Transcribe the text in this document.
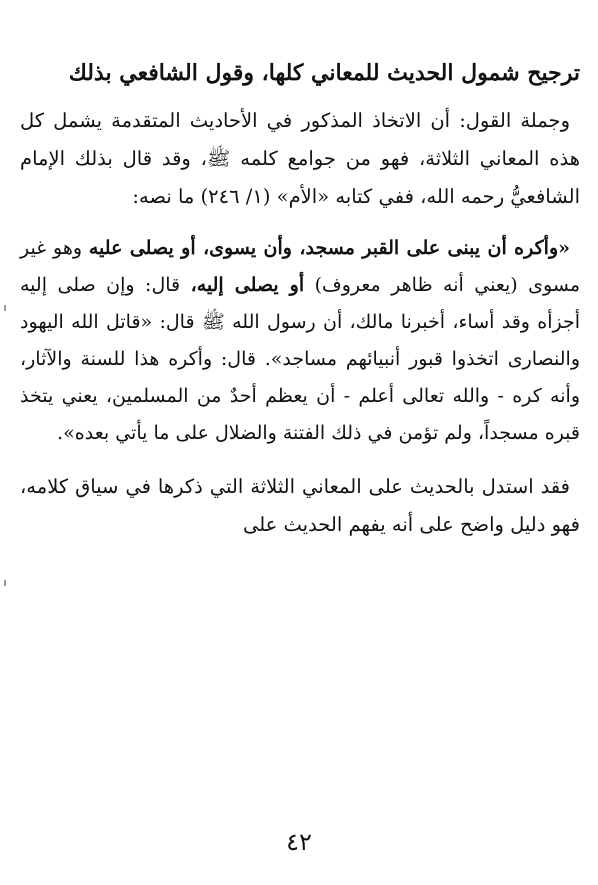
ترجيح شمول الحديث للمعاني كلها، وقول الشافعي بذلك

وجملة القول: أن الاتخاذ المذكور في الأحاديث المتقدمة يشمل كل هذه المعاني الثلاثة، فهو من جوامع كلمه ﷺ، وقد قال بذلك الإمام الشافعيُّ رحمه الله، ففي كتابه «الأم» (١/ ٢٤٦) ما نصه:

«وأكره أن يبنى على القبر مسجد، وأن يسوى، أو يصلى عليه وهو غير مسوى (يعني أنه ظاهر معروف) أو يصلى إليه، قال: وإن صلى إليه أجزأه وقد أساء، أخبرنا مالك، أن رسول الله ﷺ قال: «قاتل الله اليهود والنصارى اتخذوا قبور أنبيائهم مساجد». قال: وأكره هذا للسنة والآثار، وأنه كره - والله تعالى أعلم - أن يعظم أحدٌ من المسلمين، يعني يتخذ قبره مسجداً، ولم تؤمن في ذلك الفتنة والضلال على ما يأتي بعده».

فقد استدل بالحديث على المعاني الثلاثة التي ذكرها في سياق كلامه، فهو دليل واضح على أنه يفهم الحديث على

٤٢
